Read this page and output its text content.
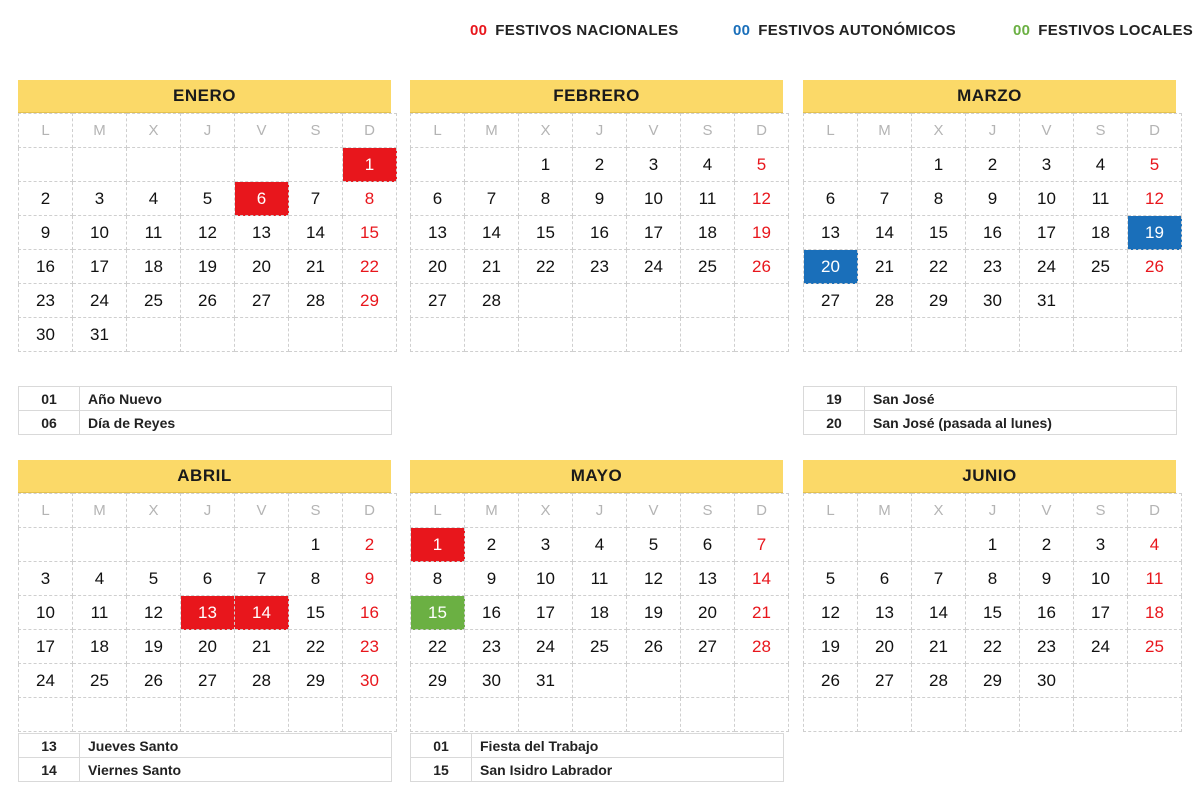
00 FESTIVOS NACIONALES	00 FESTIVOS AUTONÓMICOS	00 FESTIVOS LOCALES
ENERO
L	M	X	J	V	S	D
						1
2	3	4	5	6	7	8
9	10	11	12	13	14	15
16	17	18	19	20	21	22
23	24	25	26	27	28	29
30	31					
FEBRERO
L	M	X	J	V	S	D
		1	2	3	4	5
6	7	8	9	10	11	12
13	14	15	16	17	18	19
20	21	22	23	24	25	26
27	28					

MARZO
L	M	X	J	V	S	D
		1	2	3	4	5
6	7	8	9	10	11	12
13	14	15	16	17	18	19
20	21	22	23	24	25	26
27	28	29	30	31		

ABRIL
L	M	X	J	V	S	D
					1	2
3	4	5	6	7	8	9
10	11	12	13	14	15	16
17	18	19	20	21	22	23
24	25	26	27	28	29	30

MAYO
L	M	X	J	V	S	D
1	2	3	4	5	6	7
8	9	10	11	12	13	14
15	16	17	18	19	20	21
22	23	24	25	26	27	28
29	30	31				

JUNIO
L	M	X	J	V	S	D
			1	2	3	4
5	6	7	8	9	10	11
12	13	14	15	16	17	18
19	20	21	22	23	24	25
26	27	28	29	30		

01	Año Nuevo
06	Día de Reyes
19	San José
20	San José (pasada al lunes)
13	Jueves Santo
14	Viernes Santo
01	Fiesta del Trabajo
15	San Isidro Labrador
